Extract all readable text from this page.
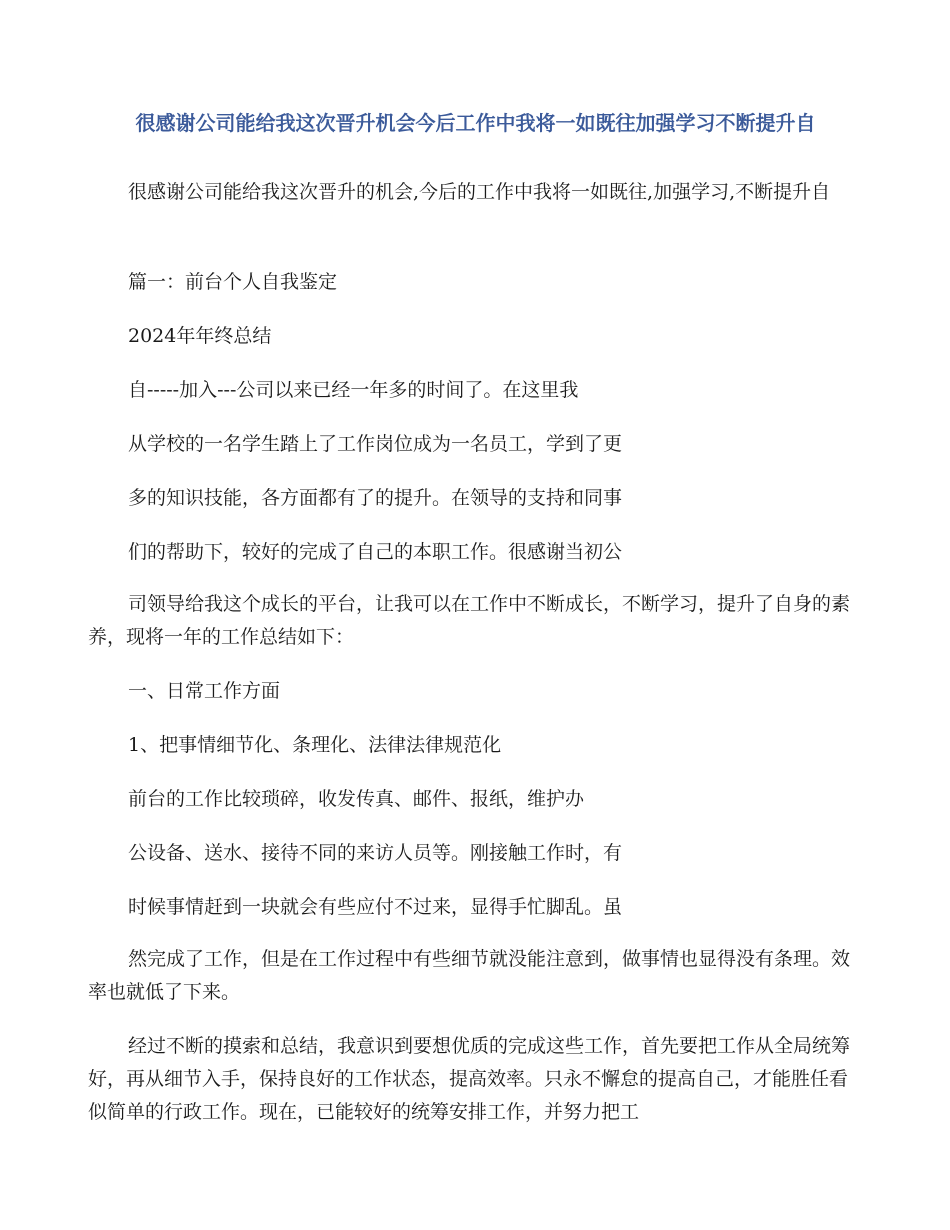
很感谢公司能给我这次晋升机会今后工作中我将一如既往加强学习不断提升自

很感谢公司能给我这次晋升的机会,今后的工作中我将一如既往,加强学习,不断提升自

篇一：前台个人自我鉴定

2024年年终总结

自-----加入---公司以来已经一年多的时间了。在这里我

从学校的一名学生踏上了工作岗位成为一名员工，学到了更

多的知识技能，各方面都有了的提升。在领导的支持和同事

们的帮助下，较好的完成了自己的本职工作。很感谢当初公

司领导给我这个成长的平台，让我可以在工作中不断成长，不断学习，提升了自身的素养，现将一年的工作总结如下：

一、日常工作方面

1、把事情细节化、条理化、法律法律规范化

前台的工作比较琐碎，收发传真、邮件、报纸，维护办

公设备、送水、接待不同的来访人员等。刚接触工作时，有

时候事情赶到一块就会有些应付不过来，显得手忙脚乱。虽

然完成了工作，但是在工作过程中有些细节就没能注意到，做事情也显得没有条理。效率也就低了下来。

经过不断的摸索和总结，我意识到要想优质的完成这些工作，首先要把工作从全局统筹好，再从细节入手，保持良好的工作状态，提高效率。只永不懈怠的提高自己，才能胜任看似简单的行政工作。现在，已能较好的统筹安排工作，并努力把工
